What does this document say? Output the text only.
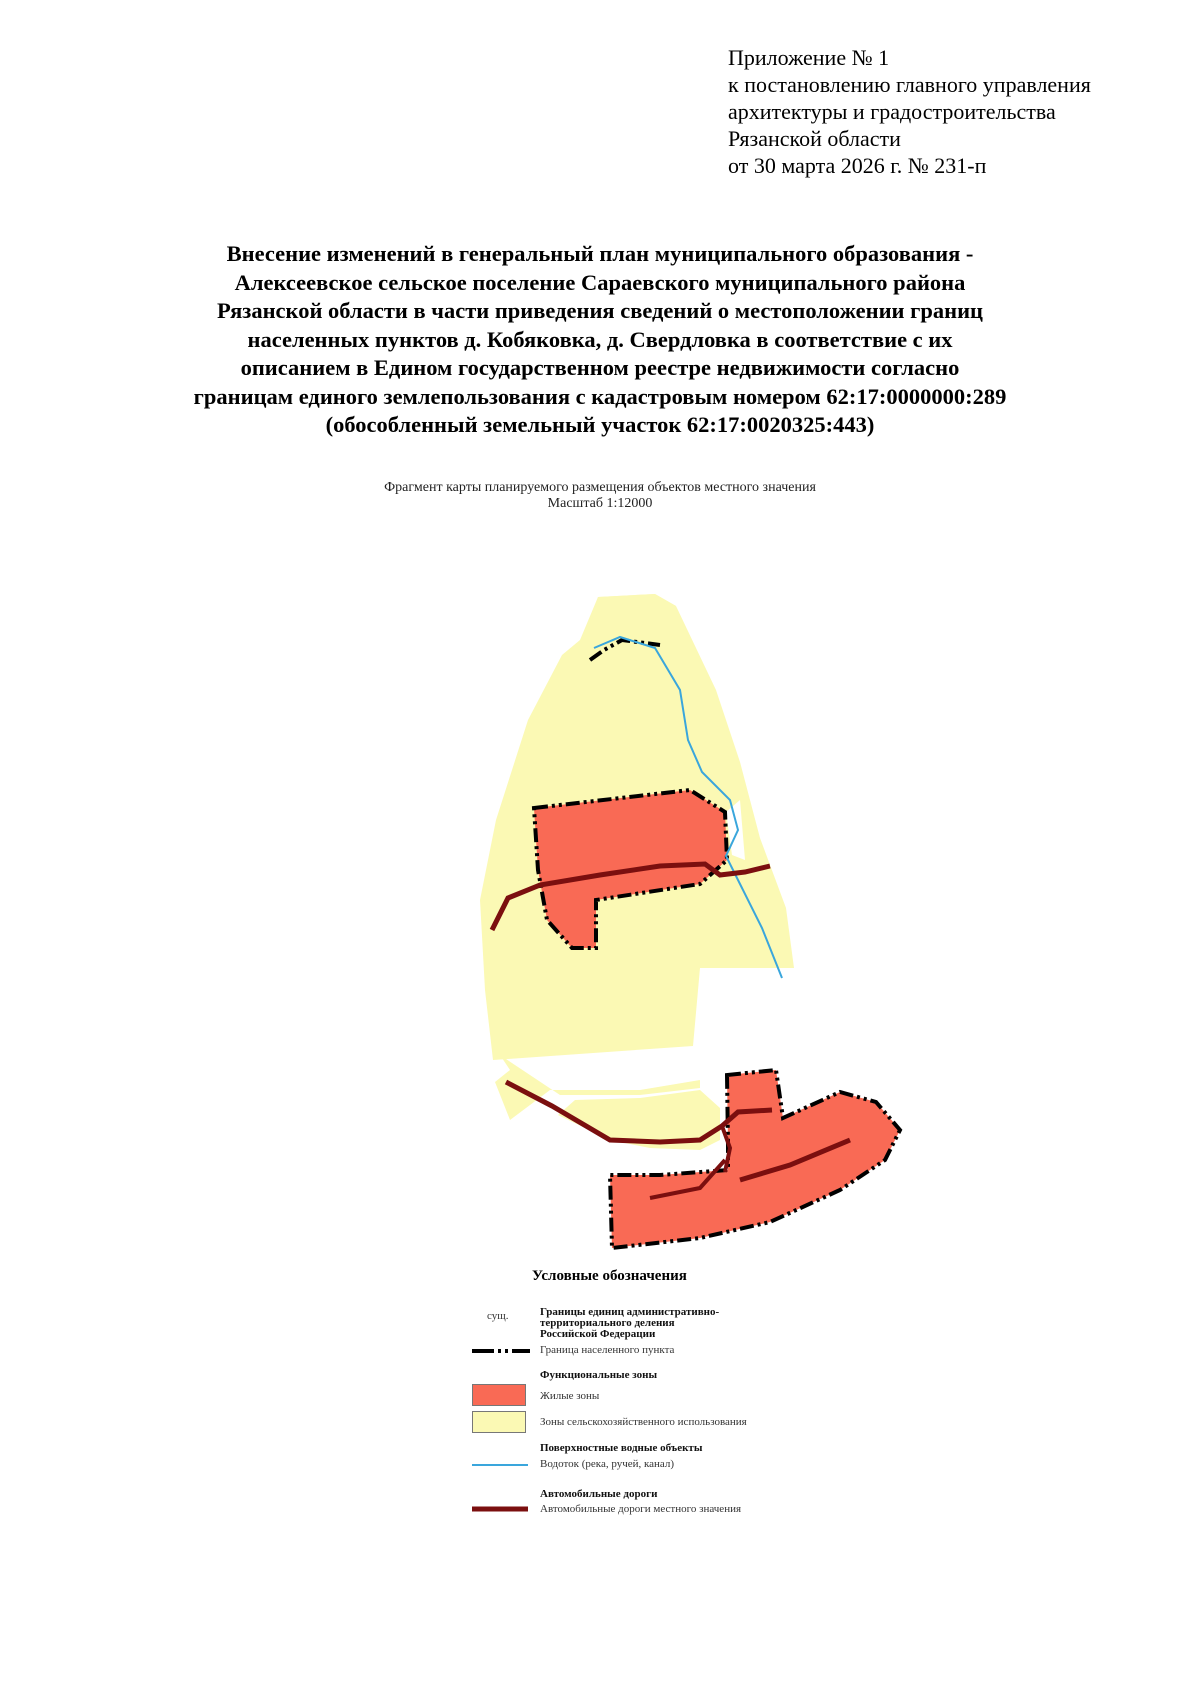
Приложение № 1
к постановлению главного управления
архитектуры и градостроительства
Рязанской области
от 30 марта 2026 г. № 231-п
Внесение изменений в генеральный план муниципального образования -
Алексеевское сельское поселение Сараевского муниципального района
Рязанской области в части приведения сведений о местоположении границ
населенных пунктов д. Кобяковка, д. Свердловка в соответствие с их
описанием в Едином государственном реестре недвижимости согласно
границам единого землепользования с кадастровым номером 62:17:0000000:289
(обособленный земельный участок 62:17:0020325:443)
Фрагмент карты планируемого размещения объектов местного значения
Масштаб 1:12000
Условные обозначения
сущ.	Границы единиц административно-
территориального деления
Российской Федерации
Граница населенного пункта
Функциональные зоны
Жилые зоны
Зоны сельскохозяйственного использования
Поверхностные водные объекты
Водоток (река, ручей, канал)
Автомобильные дороги
Автомобильные дороги местного значения
